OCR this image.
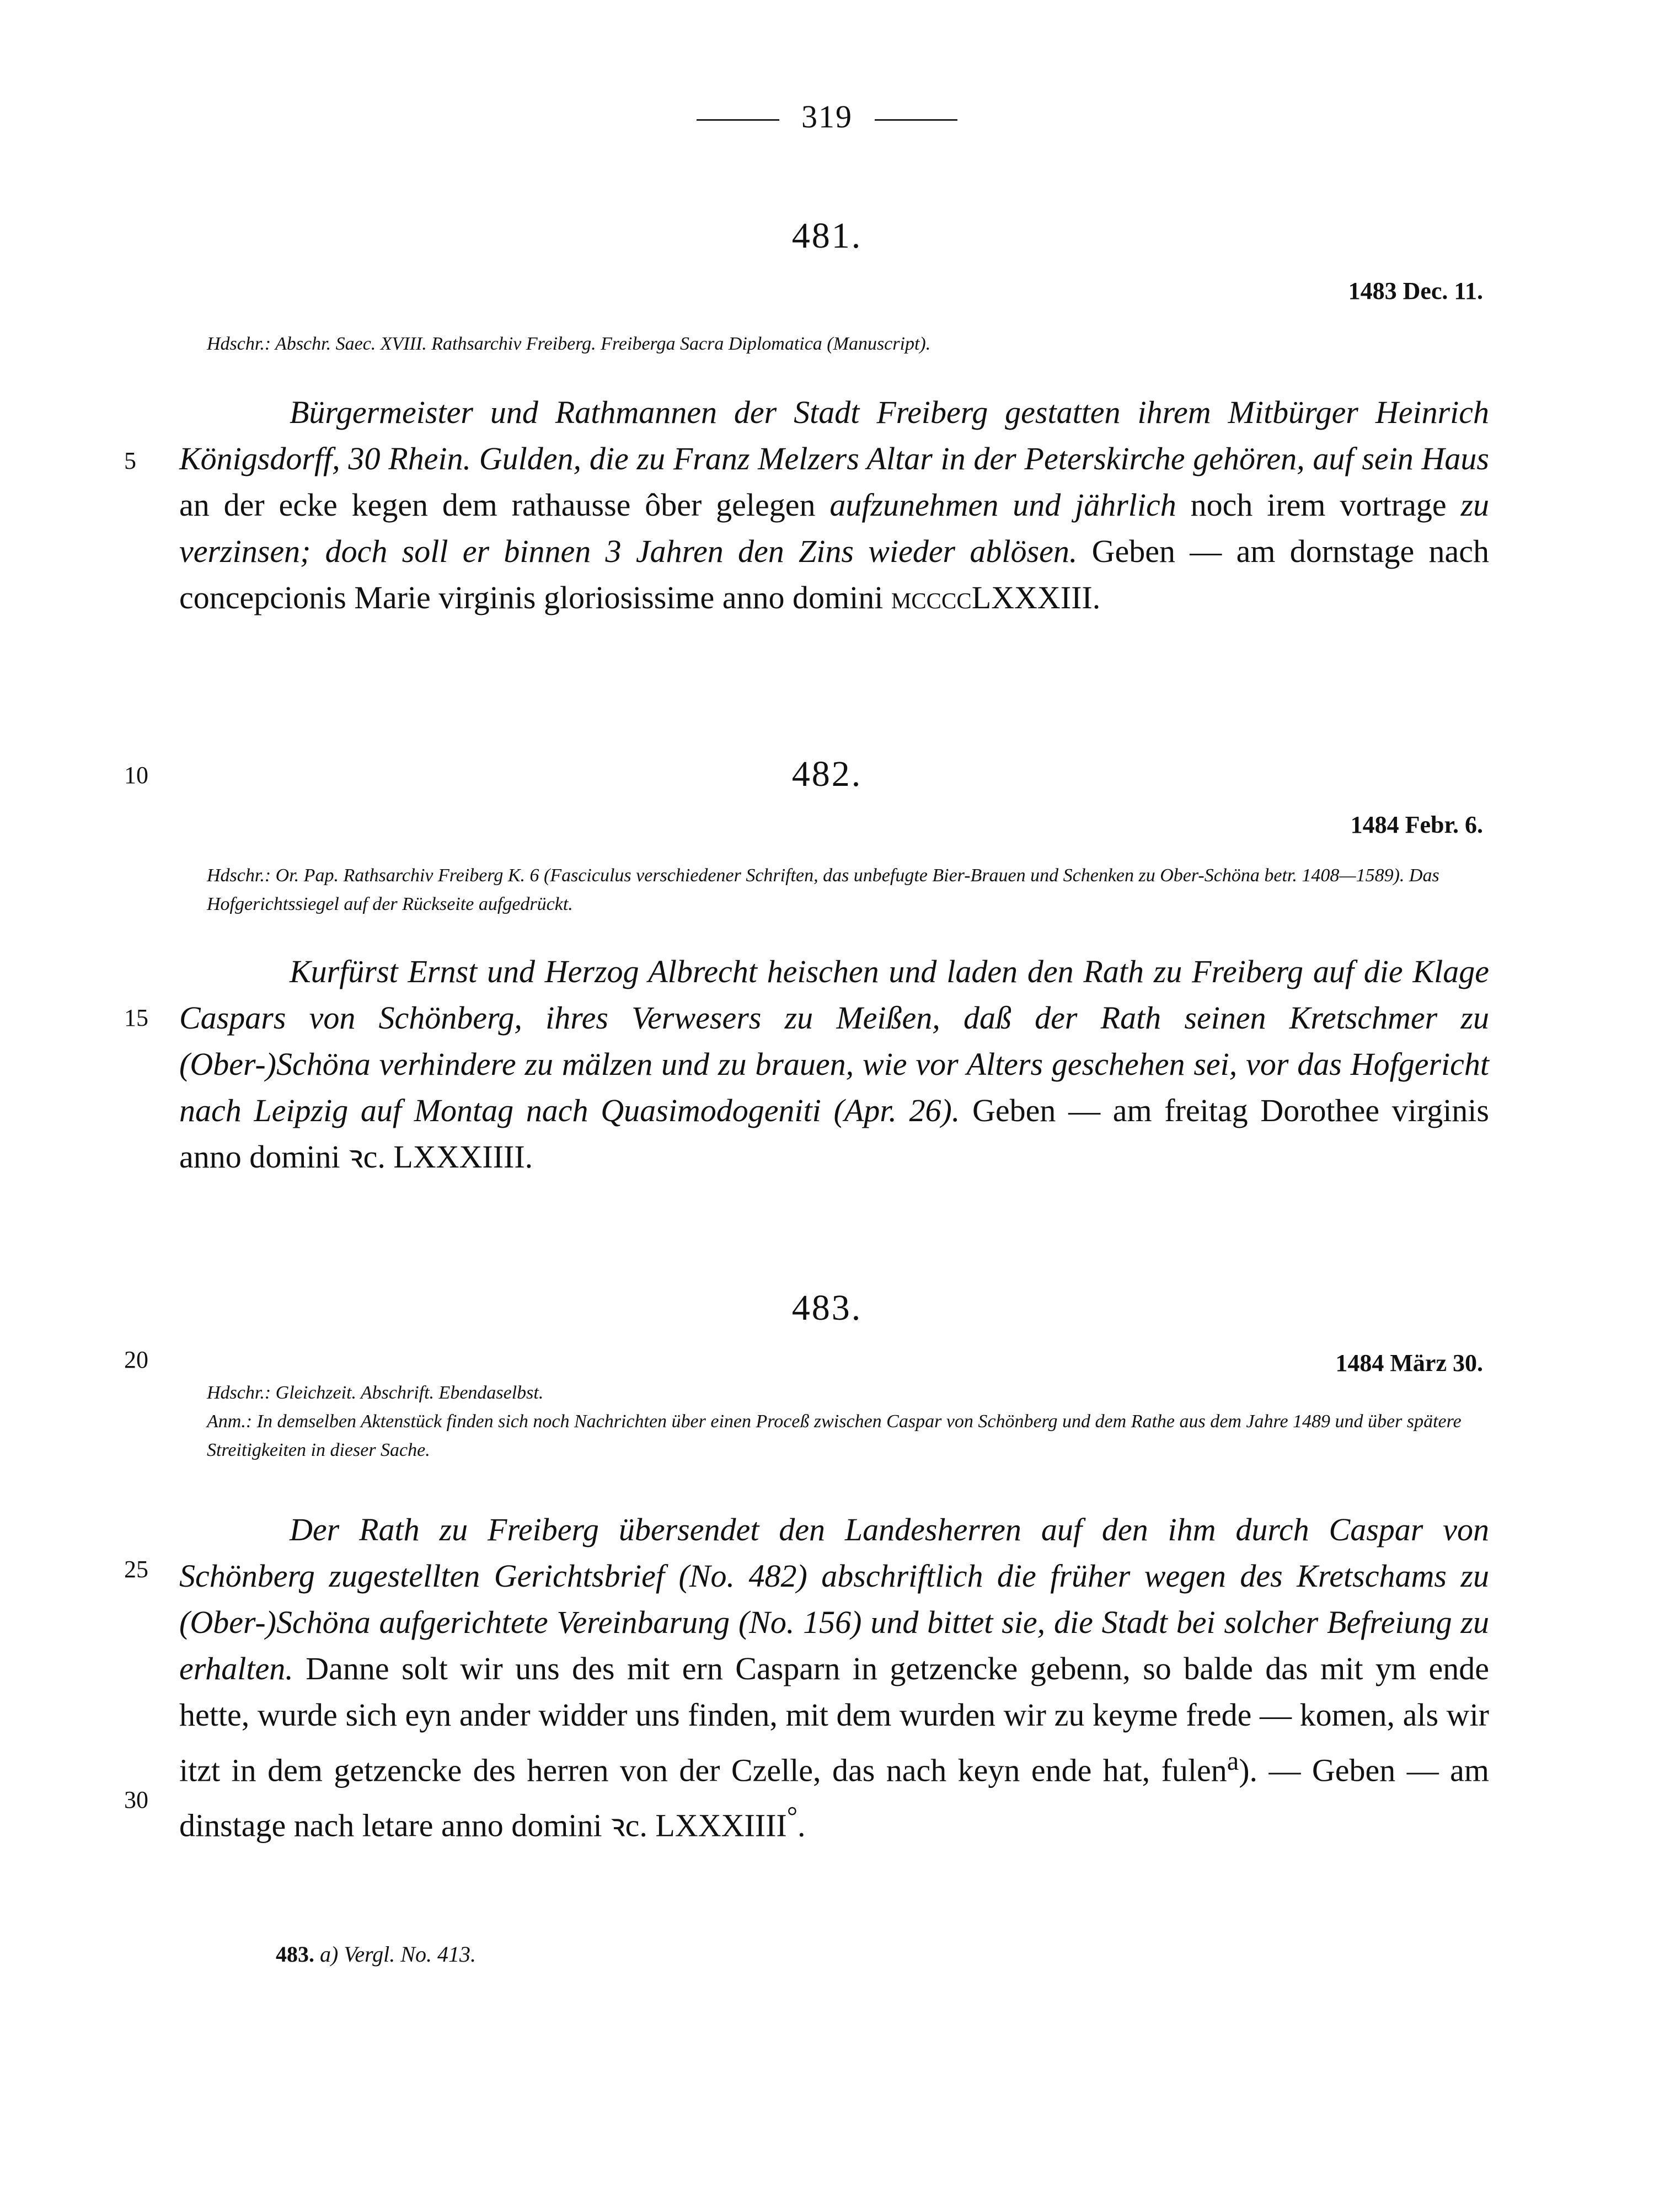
319
481.
1483 Dec. 11.
Hdschr.: Abschr. Saec. XVIII. Rathsarchiv Freiberg. Freiberga Sacra Diplomatica (Manuscript).

Bürgermeister und Rathmannen der Stadt Freiberg gestatten ihrem Mitbürger Heinrich Königsdorff, 30 Rhein. Gulden, die zu Franz Melzers Altar in der Peterskirche gehören, auf sein Haus an der ecke kegen dem rathausse ôber gelegen aufzunehmen und jährlich noch irem vortrage zu verzinsen; doch soll er binnen 3 Jahren den Zins wieder ablösen. Geben — am dornstage nach concepcionis Marie virginis gloriosissime anno domini mccccLXXXIII.

482.
1484 Febr. 6.
Hdschr.: Or. Pap. Rathsarchiv Freiberg K. 6 (Fasciculus verschiedener Schriften, das unbefugte Bier-Brauen und Schenken zu Ober-Schöna betr. 1408—1589). Das Hofgerichtssiegel auf der Rückseite aufgedrückt.

Kurfürst Ernst und Herzog Albrecht heischen und laden den Rath zu Freiberg auf die Klage Caspars von Schönberg, ihres Verwesers zu Meißen, daß der Rath seinen Kretschmer zu (Ober-)Schöna verhindere zu mälzen und zu brauen, wie vor Alters geschehen sei, vor das Hofgericht nach Leipzig auf Montag nach Quasimodogeniti (Apr. 26). Geben — am freitag Dorothee virginis anno domini ꝛc. LXXXIIII.

483.
1484 März 30.
Hdschr.: Gleichzeit. Abschrift. Ebendaselbst.
Anm.: In demselben Aktenstück finden sich noch Nachrichten über einen Proceß zwischen Caspar von Schönberg und dem Rathe aus dem Jahre 1489 und über spätere Streitigkeiten in dieser Sache.

Der Rath zu Freiberg übersendet den Landesherren auf den ihm durch Caspar von Schönberg zugestellten Gerichtsbrief (No. 482) abschriftlich die früher wegen des Kretschams zu (Ober-)Schöna aufgerichtete Vereinbarung (No. 156) und bittet sie, die Stadt bei solcher Befreiung zu erhalten. Danne solt wir uns des mit ern Casparn in getzencke gebenn, so balde das mit ym ende hette, wurde sich eyn ander widder uns finden, mit dem wurden wir zu keyme frede — komen, als wir itzt in dem getzencke des herren von der Czelle, das nach keyn ende hat, fulen$^a$). — Geben — am dinstage nach letare anno domini ꝛc. LXXXIIII°.

5
10
15
20
25
30
483. a) Vergl. No. 413.
